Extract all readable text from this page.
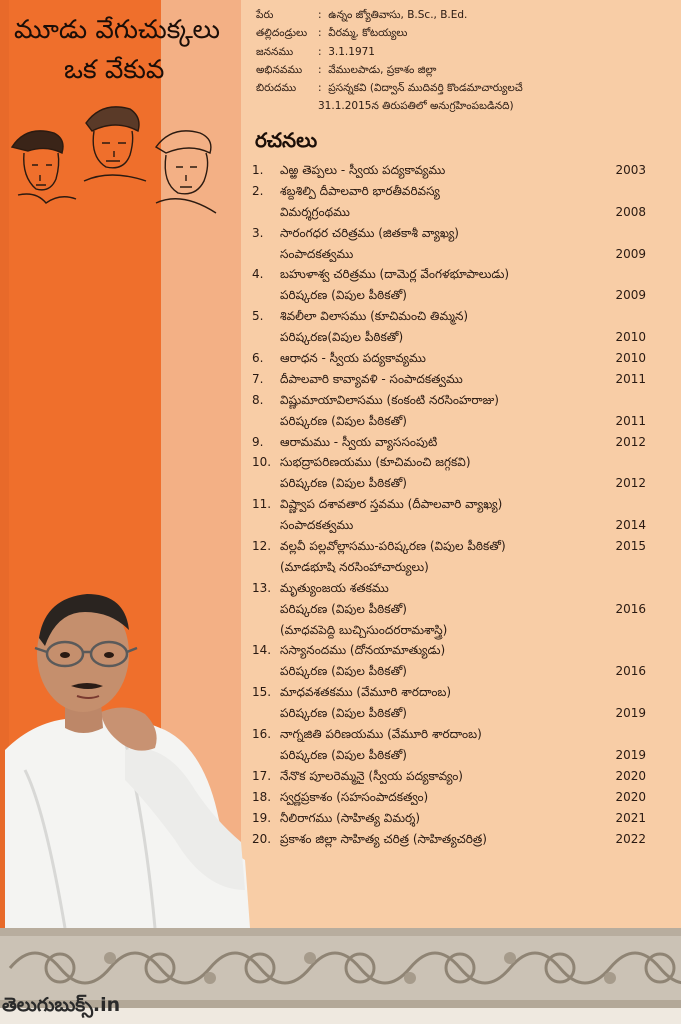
మూడు వేగుచుక్కలు
ఒక వేకువ
పేరు	:
ఉన్నం జ్యోతివాసు, B.Sc., B.Ed.
తల్లిదండ్రులు	:
వీరమ్మ, కోటయ్యలు
జననము	:
3.1.1971
అభినవము	:
వేములపాడు, ప్రకాశం జిల్లా
బిరుదము	:
ప్రసన్నకవి (విద్వాన్ ముదివర్తి కొండమాచార్యులచే
31.1.2015న తిరుపతిలో అనుగ్రహింపబడినది)
రచనలు
1.	ఎఱ్ఱ తెప్పలు - స్వీయ పద్యకావ్యము	2003
2.	శబ్దశిల్పి దీపాలవారి భారతీవరివస్య
విమర్శగ్రంథము	2008
3.	సారంగధర చరిత్రము (జితకాశీ వ్యాఖ్య)
సంపాదకత్వము	2009
4.	బహుళాశ్వ చరిత్రము (దామెర్ల వేంగళభూపాలుడు)
పరిష్కరణ (విపుల పీఠికతో)	2009
5.	శివలీలా విలాసము (కూచిమంచి తిమ్మన)
పరిష్కరణ(విపుల పీఠికతో)	2010
6.	ఆరాధన - స్వీయ పద్యకావ్యము	2010
7.	దీపాలవారి కావ్యావళి - సంపాదకత్వము	2011
8.	విష్ణుమాయావిలాసము (కంకంటి నరసింహరాజు)
పరిష్కరణ (విపుల పీఠికతో)	2011
9.	ఆరామము - స్వీయ వ్యాససంపుటి	2012
10. సుభద్రాపరిణయము (కూచిమంచి జగ్గకవి)
పరిష్కరణ (విపుల పీఠికతో)	2012
11. విష్ణ్వాప దశావతార స్తవము (దీపాలవారి వ్యాఖ్య)
సంపాదకత్వము	2014
12. వల్లవీ పల్లవోల్లాసము-పరిష్కరణ (విపుల పీఠికతో)	2015
(మాడభూషి నరసింహాచార్యులు)
13. మృత్యుంజయ శతకము
పరిష్కరణ (విపుల పీఠికతో)	2016
(మాధవపెద్ది బుచ్చిసుందరరామశాస్త్రి)
14. సస్యానందము (దోనయామాత్యుడు)
పరిష్కరణ (విపుల పీఠికతో)	2016
15. మాధవశతకము (వేమూరి శారదాంబ)
పరిష్కరణ (విపుల పీఠికతో)	2019
16. నాగ్నజితి పరిణయము (వేమూరి శారదాంబ)
పరిష్కరణ (విపుల పీఠికతో)	2019
17. నేనొక పూలరెమ్మనై (స్వీయ పద్యకావ్యం)	2020
18. స్వర్ణప్రకాశం (సహసంపాదకత్వం)	2020
19. నీలిరాగము (సాహిత్య విమర్శ)	2021
20. ప్రకాశం జిల్లా సాహిత్య చరిత్ర (సాహిత్యచరిత్ర)	2022
తెలుగుబుక్స్.in
